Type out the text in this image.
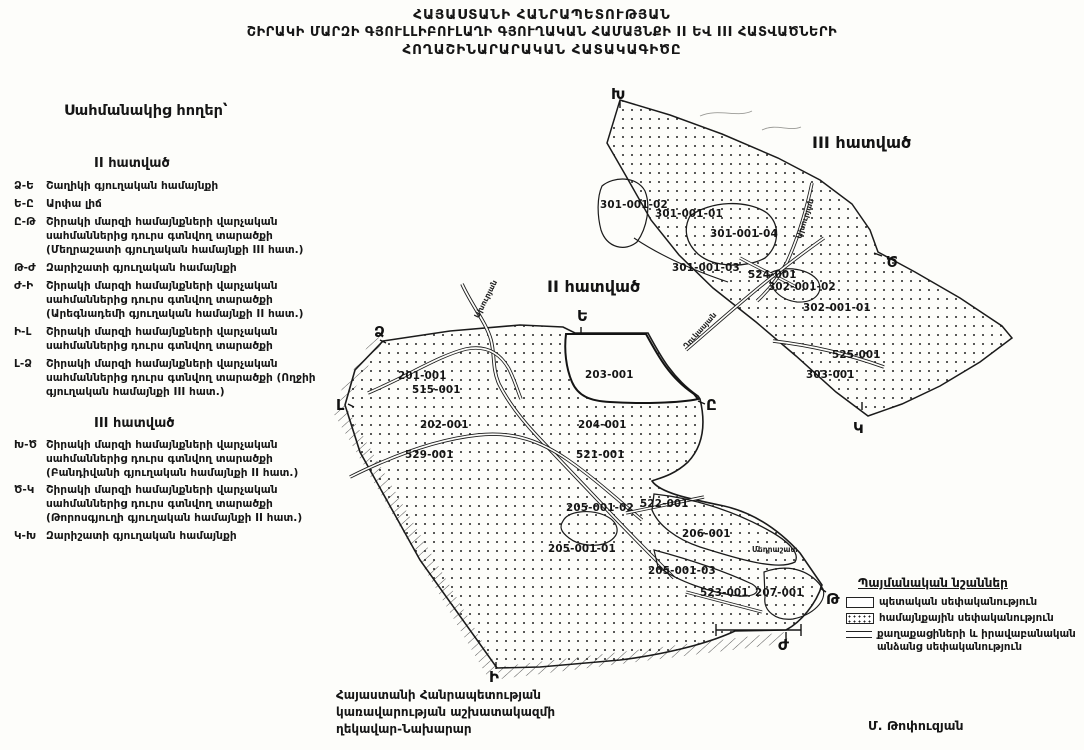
II հատված
Ձ
Ե
Ը
Թ
Ժ
Ի
Լ
201-001
515-001
202-001
529-001
203-001
204-001
521-001
205-001-02 522-001
205-001-01
206-001
205-001-03
523-001 207-001
Ախուրյան
Մեղրաշատ
III հատված
Խ
Ծ
Կ
301-001-02
301-001-01
301-001-04
301-001-03
524-001
302-001-02
302-001-01
525-001
303-001
Ախուրյան
Ղուկասյան
ՀԱՅԱՍՏԱՆԻ ՀԱՆՐԱՊԵՏՈՒԹՅԱՆ
ՇԻՐԱԿԻ ՄԱՐԶԻ ԳՅՈՒԼԼԻԲՈՒԼԱՂԻ ԳՅՈՒՂԱԿԱՆ ՀԱՄԱՅՆՔԻ II ԵՎ III ՀԱՏՎԱԾՆԵՐԻ
ՀՈՂԱՇԻՆԱՐԱՐԱԿԱՆ ՀԱՏԱԿԱԳԻԾԸ
Սահմանակից հողեր՝
II հատված
Ձ-Ե	Շաղիկի գյուղական համայնքի
Ե-Ը	Արփա լիճ
Ը-Թ Շիրակի մարզի համայնքների վարչական սահմաններից դուրս գտնվող տարածքի (Մեղրաշատի գյուղական համայնքի III հատ.)
Թ-Ժ Զարիշատի գյուղական համայնքի
Ժ-Ի	Շիրակի մարզի համայնքների վարչական սահմաններից դուրս գտնվող տարածքի (Արեգնադեմի գյուղական համայնքի II հատ.)
Ի-Լ	Շիրակի մարզի համայնքների վարչական սահմաններից դուրս գտնվող տարածքի
Լ-Ձ	Շիրակի մարզի համայնքների վարչական սահմաններից դուրս գտնվող տարածքի (Ողջիի գյուղական համայնքի III հատ.)
III հատված
Խ-Ծ Շիրակի մարզի համայնքների վարչական սահմաններից դուրս գտնվող տարածքի (Բանդիվանի գյուղական համայնքի II հատ.)
Ծ-Կ	Շիրակի մարզի համայնքների վարչական սահմաններից դուրս գտնվող տարածքի (Թորոսգյուղի գյուղական համայնքի II հատ.)
Կ-Խ Զարիշատի գյուղական համայնքի
Պայմանական նշաններ
պետական սեփականություն
համայնքային սեփականություն
քաղաքացիների և իրավաբանական անձանց սեփականություն
Հայաստանի Հանրապետության
կառավարության աշխատակազմի
ղեկավար-Նախարար	Մ. Թոփուզյան
